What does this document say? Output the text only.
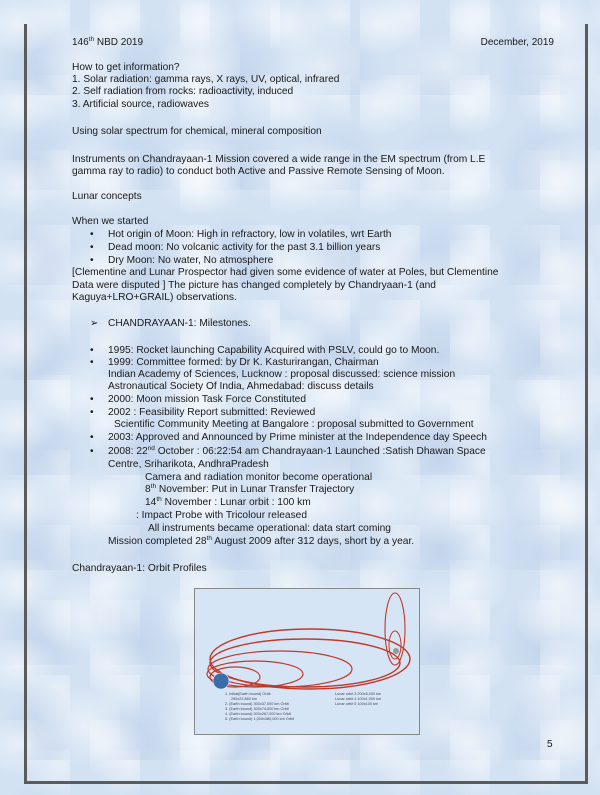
146th NBD 2019	December, 2019
How to get information?
1. Solar radiation: gamma rays, X rays, UV, optical, infrared
2. Self radiation from rocks: radioactivity, induced
3. Artificial source, radiowaves
Using solar spectrum for chemical, mineral composition
Instruments on Chandrayaan-1 Mission covered a wide range in the EM spectrum (from L.E
gamma ray to radio) to conduct both Active and Passive Remote Sensing of Moon.
Lunar concepts
When we started
• Hot origin of Moon: High in refractory, low in volatiles, wrt Earth
• Dead moon: No volcanic activity for the past 3.1 billion years
• Dry Moon: No water, No atmosphere
[Clementine and Lunar Prospector had given some evidence of water at Poles, but Clementine
Data were disputed ] The picture has changed completely by Chandryaan-1 (and
Kaguya+LRO+GRAIL) observations.
➢ CHANDRAYAAN-1: Milestones.
• 1995: Rocket launching Capability Acquired with PSLV, could go to Moon.
• 1999: Committee formed: by Dr K. Kasturirangan, Chairman
Indian Academy of Sciences, Lucknow : proposal discussed: science mission
Astronautical Society Of India, Ahmedabad: discuss details
• 2000: Moon mission Task Force Constituted
• 2002 : Feasibility Report submitted: Reviewed
Scientific Community Meeting at Bangalore : proposal submitted to Government
• 2003: Approved and Announced by Prime minister at the Independence day Speech
• 2008: 22nd October : 06:22:54 am Chandrayaan-1 Launched :Satish Dhawan Space
Centre, Sriharikota, AndhraPradesh
Camera and radiation monitor become operational
8th November: Put in Lunar Transfer Trajectory
14th November : Lunar orbit : 100 km
: Impact Probe with Tricolour released
All instruments became operational: data start coming
Mission completed 28th August 2009 after 312 days, short by a year.
Chandrayaan-1: Orbit Profiles
1. Initial(Earth bound) Orbit
255x22,860 km
2. (Earth bound) 300x37,000 km Orbit
3. (Earth bound) 300x74,000 km Orbit
4. (Earth bound) 300x267,000 km Orbit
5. (Earth bound) 1,000x380,000 km Orbit
Lunar orbit 3 200x5,000 km
Lunar orbit 4 100x1,000 km
Lunar orbit 5 100x100 km
5
